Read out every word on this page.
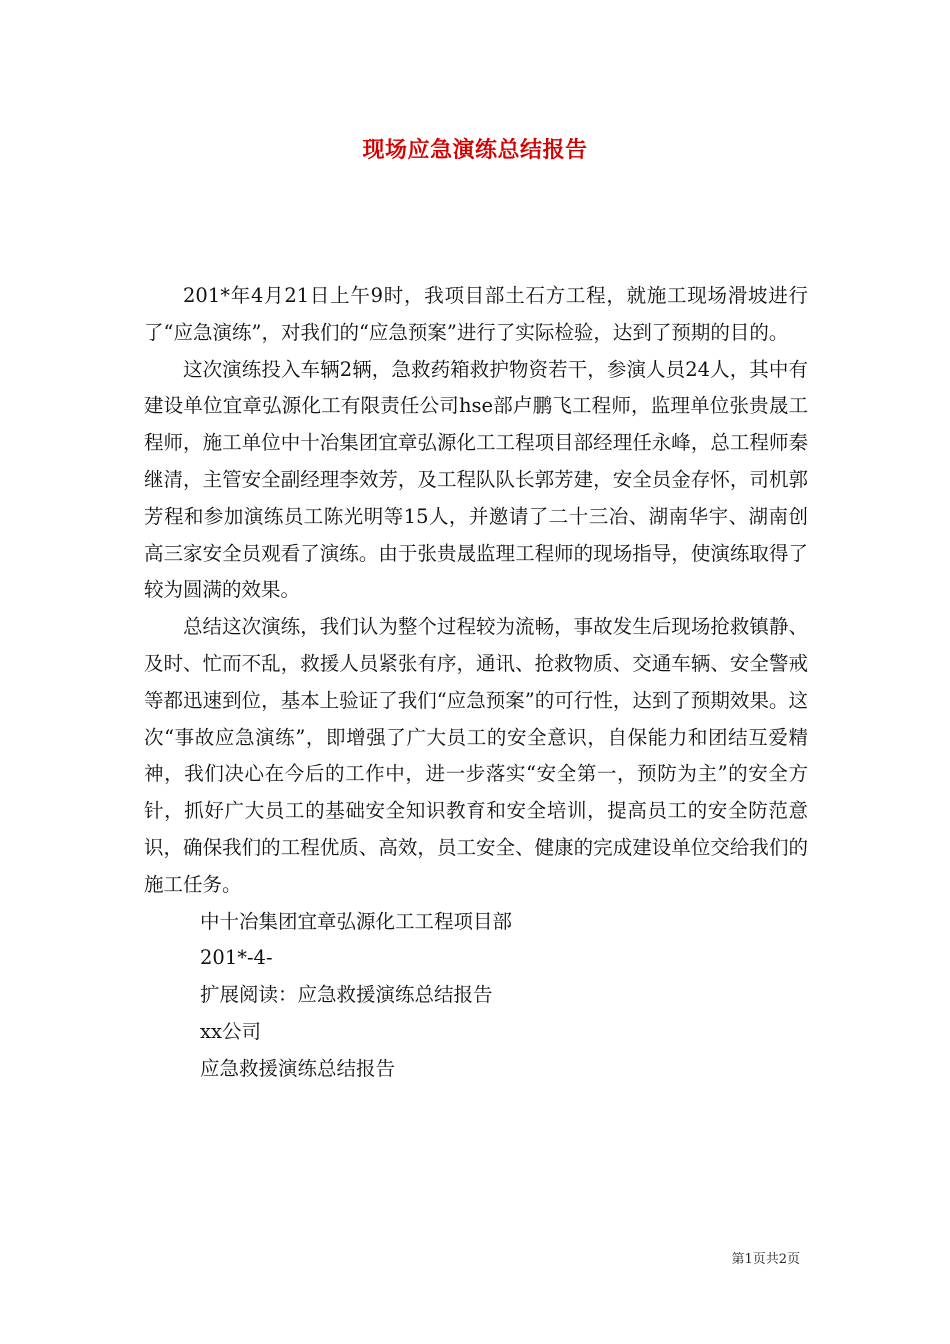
现场应急演练总结报告

201*年4月21日上午9时，我项目部土石方工程，就施工现场滑坡进行了“应急演练”，对我们的“应急预案”进行了实际检验，达到了预期的目的。

这次演练投入车辆2辆，急救药箱救护物资若干，参演人员24人，其中有建设单位宜章弘源化工有限责任公司hse部卢鹏飞工程师，监理单位张贵晟工程师，施工单位中十冶集团宜章弘源化工工程项目部经理任永峰，总工程师秦继清，主管安全副经理李效芳，及工程队队长郭芳建，安全员金存怀，司机郭芳程和参加演练员工陈光明等15人，并邀请了二十三冶、湖南华宇、湖南创高三家安全员观看了演练。由于张贵晟监理工程师的现场指导，使演练取得了较为圆满的效果。

总结这次演练，我们认为整个过程较为流畅，事故发生后现场抢救镇静、及时、忙而不乱，救援人员紧张有序，通讯、抢救物质、交通车辆、安全警戒等都迅速到位，基本上验证了我们“应急预案”的可行性，达到了预期效果。这次“事故应急演练”，即增强了广大员工的安全意识，自保能力和团结互爱精神，我们决心在今后的工作中，进一步落实“安全第一，预防为主”的安全方针，抓好广大员工的基础安全知识教育和安全培训，提高员工的安全防范意识，确保我们的工程优质、高效，员工安全、健康的完成建设单位交给我们的施工任务。

中十冶集团宜章弘源化工工程项目部

201*-4-

扩展阅读：应急救援演练总结报告

xx公司

应急救援演练总结报告

第1页共2页
